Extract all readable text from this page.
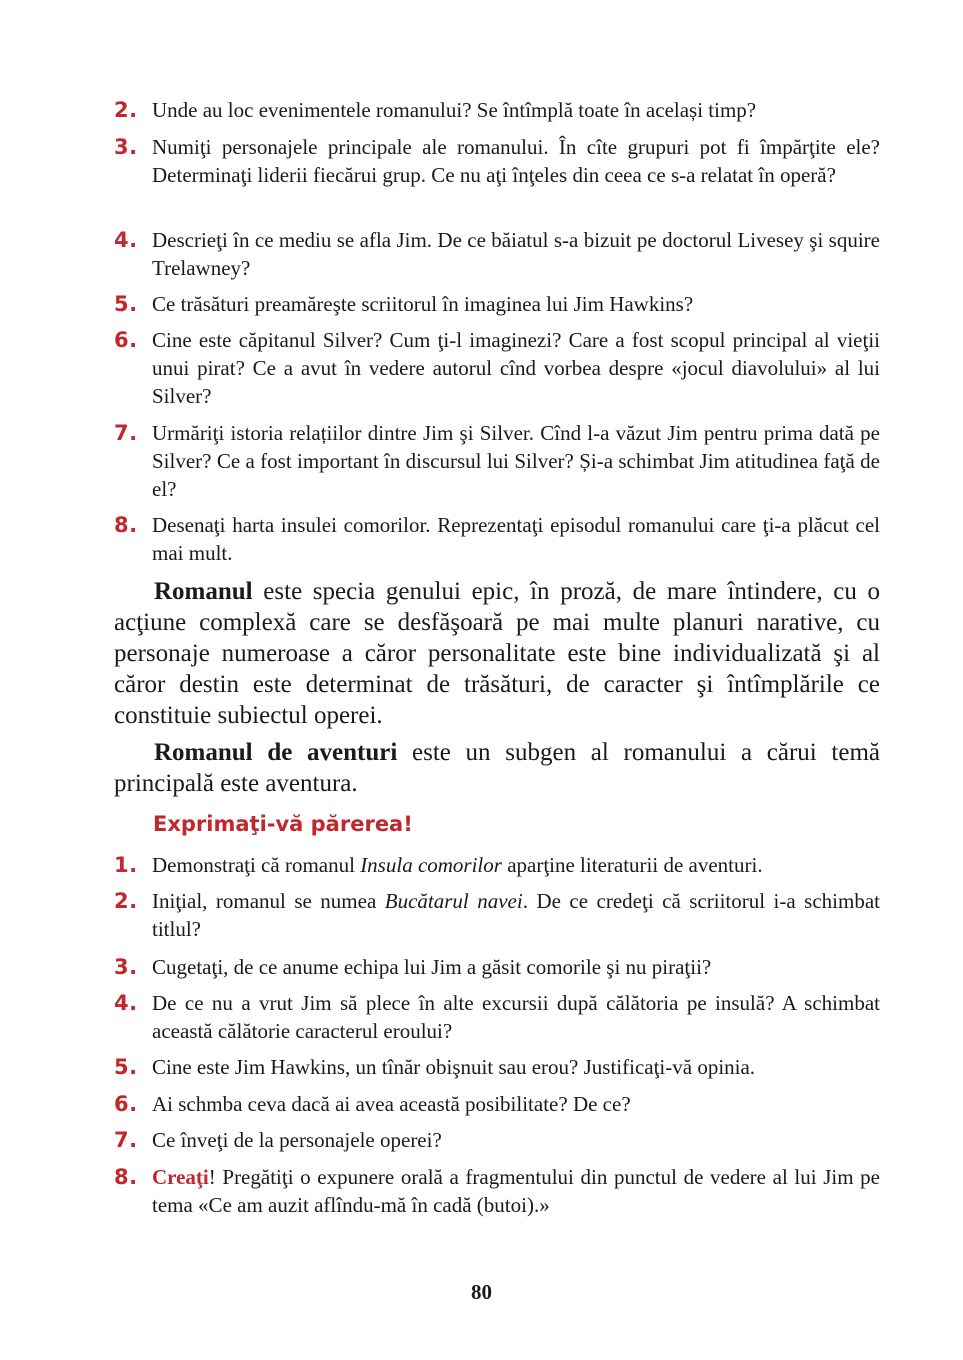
2. Unde au loc evenimentele romanului? Se întîmplă toate în același timp?
3. Numiţi personajele principale ale romanului. În cîte grupuri pot fi împărţite ele? Determinaţi liderii fiecărui grup. Ce nu aţi înţeles din ceea ce s-a relatat în operă?
4. Descrieţi în ce mediu se afla Jim. De ce băiatul s-a bizuit pe doctorul Livesey şi squire Trelawney?
5. Ce trăsături preamăreşte scriitorul în imaginea lui Jim Hawkins?
6. Cine este căpitanul Silver? Cum ţi-l imaginezi? Care a fost scopul principal al vieţii unui pirat? Ce a avut în vedere autorul cînd vorbea despre «jocul diavolului» al lui Silver?
7. Urmăriţi istoria relațiilor dintre Jim şi Silver. Cînd l-a văzut Jim pentru prima dată pe Silver? Ce a fost important în discursul lui Silver? Și-a schimbat Jim atitudinea faţă de el?
8. Desenaţi harta insulei comorilor. Reprezentaţi episodul romanului care ţi-a plăcut cel mai mult.
Romanul este specia genului epic, în proză, de mare întindere, cu o acţiune complexă care se desfăşoară pe mai multe planuri narative, cu personaje numeroase a căror personalitate este bine individualizată şi al căror destin este determinat de trăsături, de caracter şi întîmplările ce constituie subiectul operei.
Romanul de aventuri este un subgen al romanului a cărui temă principală este aventura.
Exprimaţi-vă părerea!
1. Demonstraţi că romanul Insula comorilor aparţine literaturii de aventuri.
2. Iniţial, romanul se numea Bucătarul navei. De ce credeţi că scriitorul i-a schimbat titlul?
3. Cugetaţi, de ce anume echipa lui Jim a găsit comorile şi nu piraţii?
4. De ce nu a vrut Jim să plece în alte excursii după călătoria pe insulă? A schimbat această călătorie caracterul eroului?
5. Cine este Jim Hawkins, un tînăr obişnuit sau erou? Justificaţi-vă opinia.
6. Ai schmba ceva dacă ai avea această posibilitate? De ce?
7. Ce înveţi de la personajele operei?
8. Creaţi! Pregătiţi o expunere orală a fragmentului din punctul de vedere al lui Jim pe tema «Ce am auzit aflîndu-mă în cadă (butoi).»
80
